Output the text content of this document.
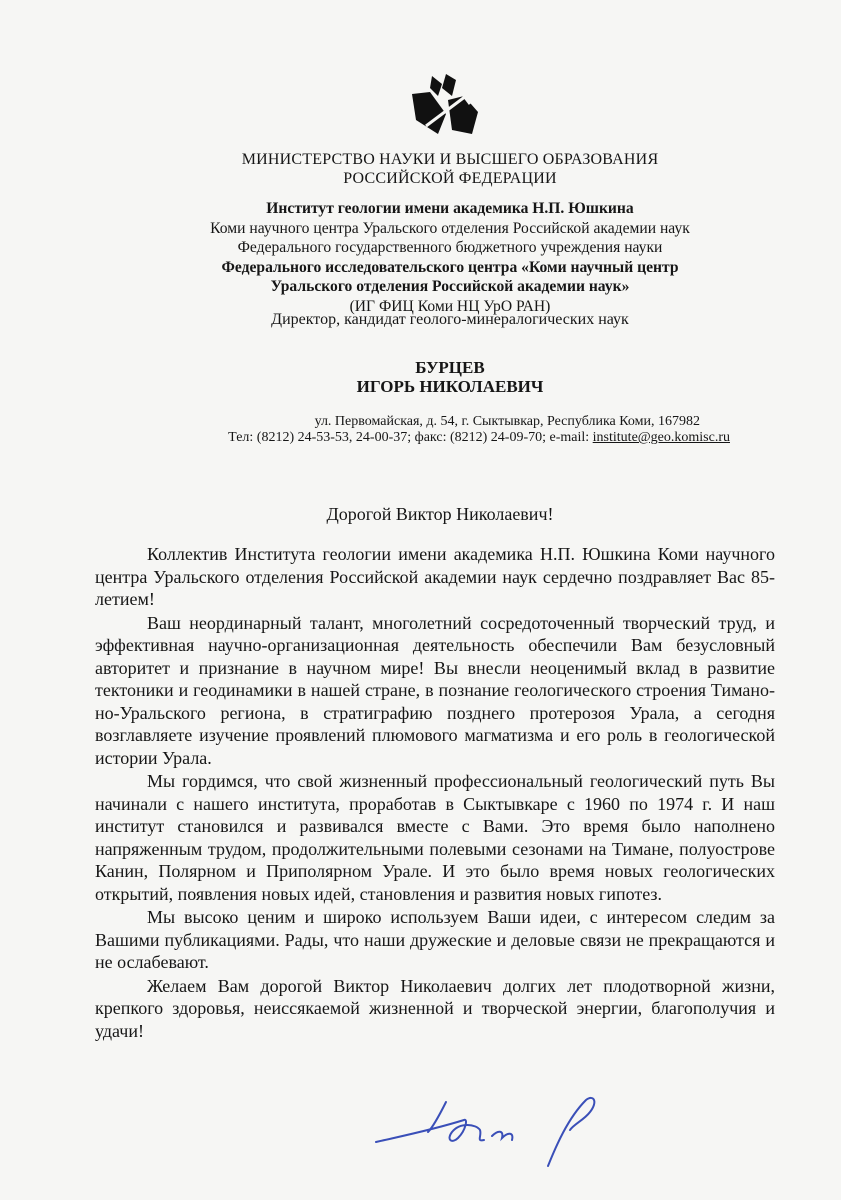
МИНИСТЕРСТВО НАУКИ И ВЫСШЕГО ОБРАЗОВАНИЯ
РОССИЙСКОЙ ФЕДЕРАЦИИ
Институт геологии имени академика Н.П. Юшкина
Коми научного центра Уральского отделения Российской академии наук
Федерального государственного бюджетного учреждения науки
Федерального исследовательского центра «Коми научный центр
Уральского отделения Российской академии наук»
(ИГ ФИЦ Коми НЦ УрО РАН)
Директор, кандидат геолого-минералогических наук
БУРЦЕВ
ИГОРЬ НИКОЛАЕВИЧ
ул. Первомайская, д. 54, г. Сыктывкар, Республика Коми, 167982
Тел: (8212) 24-53-53, 24-00-37; факс: (8212) 24-09-70; e-mail: institute@geo.komisc.ru
Дорогой Виктор Николаевич!

Коллектив Института геологии имени академика Н.П. Юшкина Коми научного центра Уральского отделения Российской академии наук сердечно поздравляет Вас 85-летием!

Ваш неординарный талант, многолетний сосредоточенный творческий труд, и эффективная научно-организационная деятельность обеспечили Вам безусловный авторитет и признание в научном мире! Вы внесли неоценимый вклад в развитие тектоники и геодинамики в нашей стране, в познание геологического строения Тимано-но-Уральского региона, в стратиграфию позднего протерозоя Урала, а сегодня возглавляете изучение проявлений плюмового магматизма и его роль в геологической истории Урала.

Мы гордимся, что свой жизненный профессиональный геологический путь Вы начинали с нашего института, проработав в Сыктывкаре с 1960 по 1974 г. И наш институт становился и развивался вместе с Вами. Это время было наполнено напряженным трудом, продолжительными полевыми сезонами на Тимане, полуострове Канин, Полярном и Приполярном Урале. И это было время новых геологических открытий, появления новых идей, становления и развития новых гипотез.

Мы высоко ценим и широко используем Ваши идеи, с интересом следим за Вашими публикациями. Рады, что наши дружеские и деловые связи не прекращаются и не ослабевают.

Желаем Вам дорогой Виктор Николаевич долгих лет плодотворной жизни, крепкого здоровья, неиссякаемой жизненной и творческой энергии, благополучия и удачи!
